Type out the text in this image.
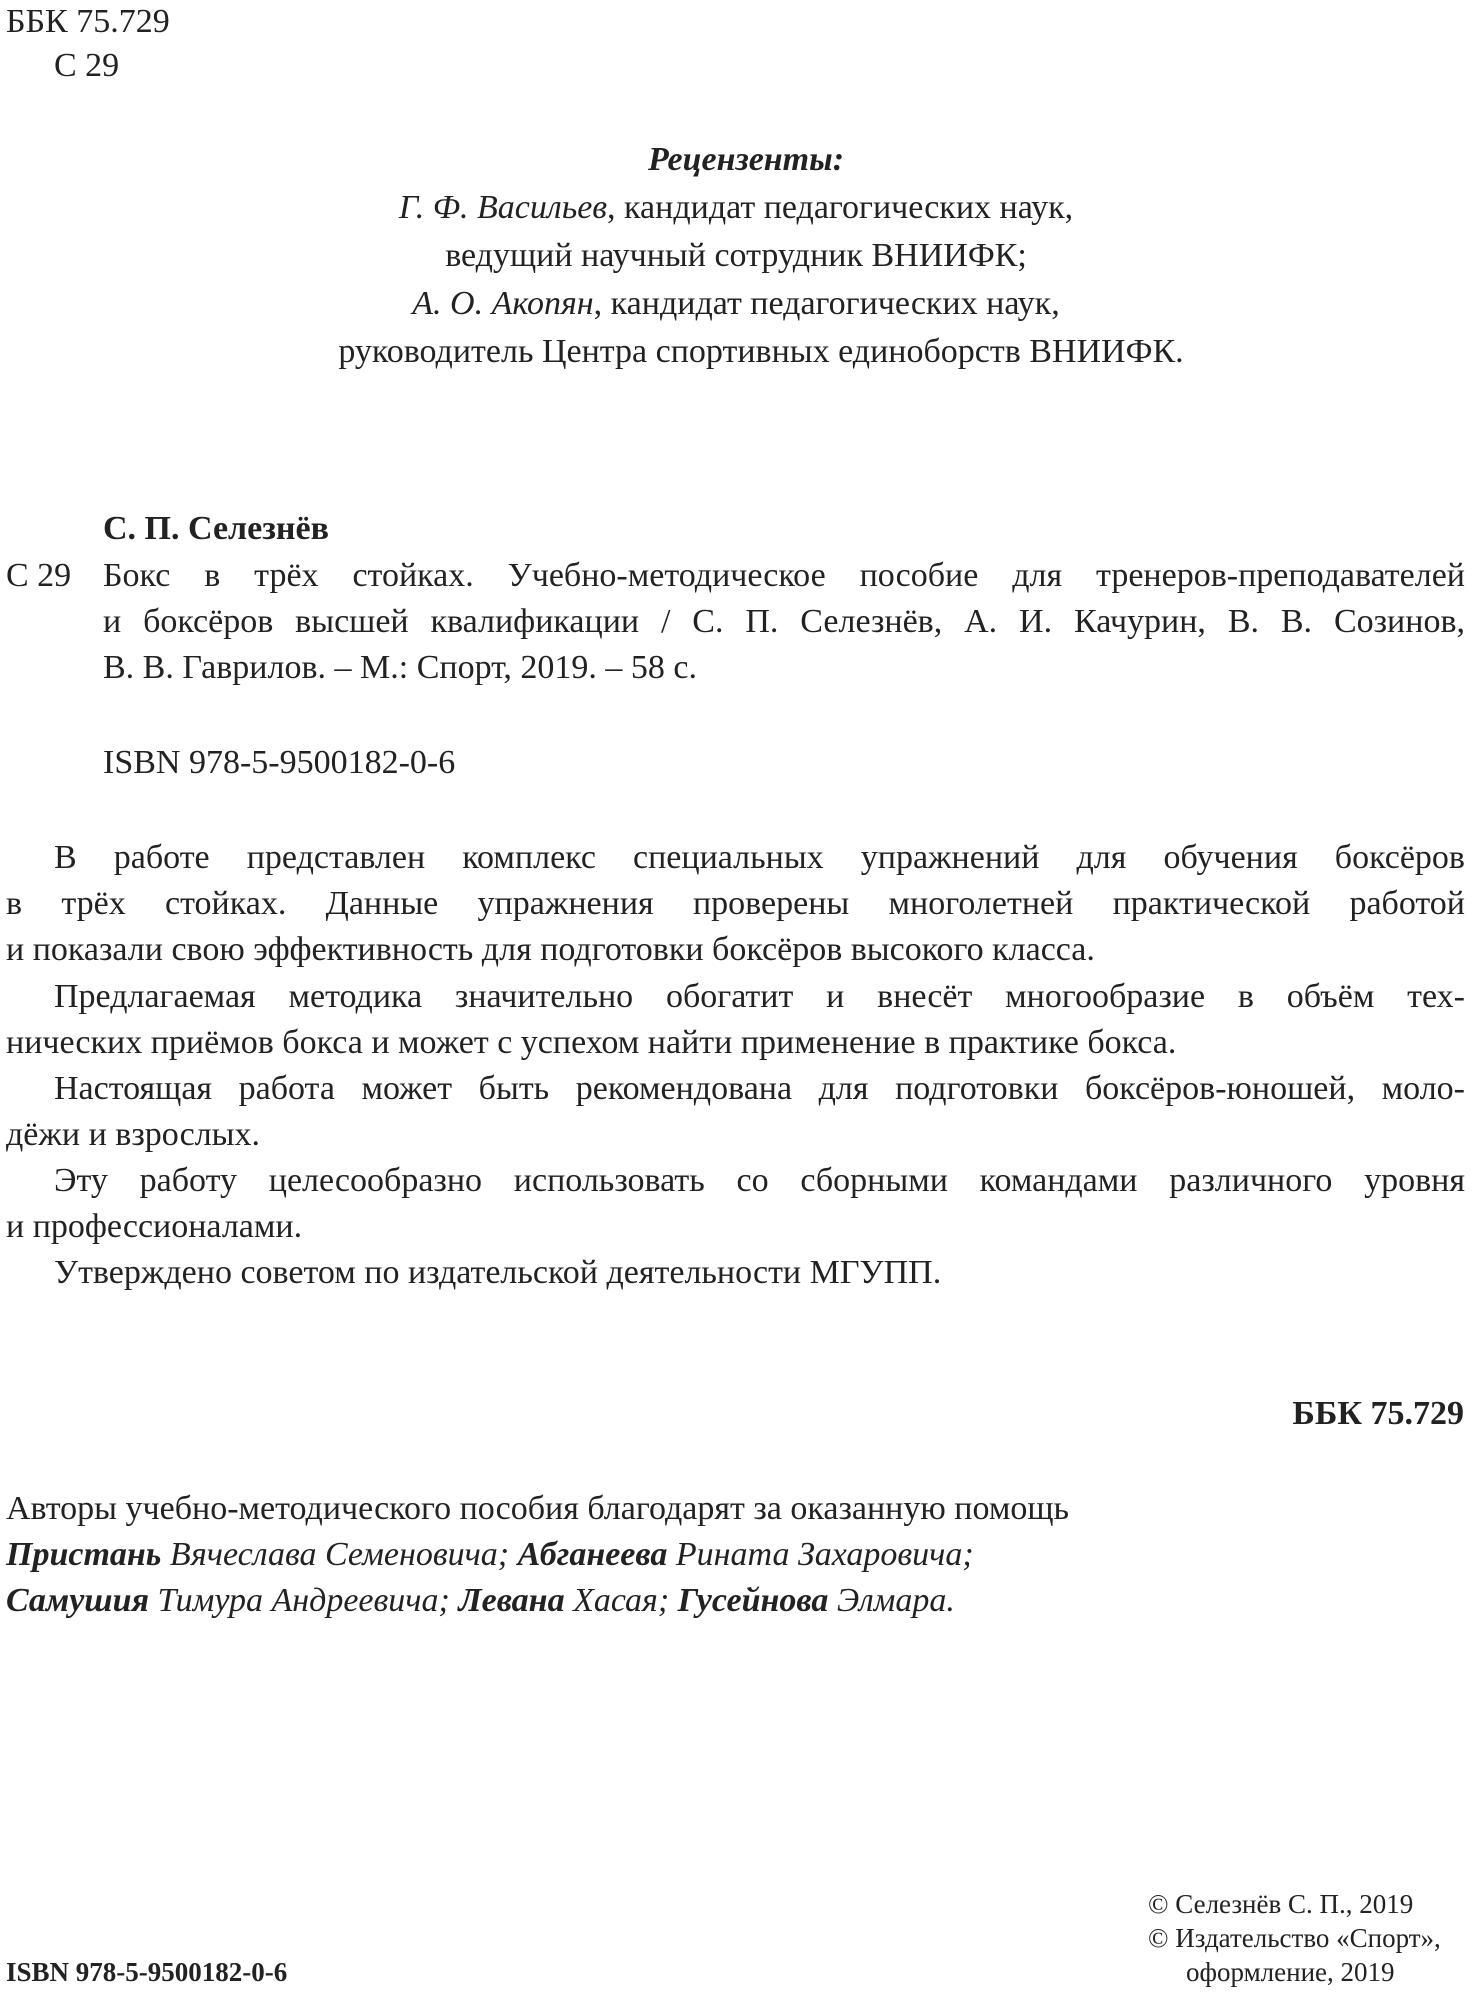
ББК 75.729
С 29
Рецензенты:
Г. Ф. Васильев, кандидат педагогических наук,
ведущий научный сотрудник ВНИИФК;
А. О. Акопян, кандидат педагогических наук,
руководитель Центра спортивных единоборств ВНИИФК.
С. П. Селезнёв
С 29 Бокс в трёх стойках. Учебно-методическое пособие для тренеров-преподавателей
и боксёров высшей квалификации / С. П. Селезнёв, А. И. Качурин, В. В. Созинов,
В. В. Гаврилов. – М.: Спорт, 2019. – 58 с.
ISBN 978-5-9500182-0-6
В работе представлен комплекс специальных упражнений для обучения боксёров
в трёх стойках. Данные упражнения проверены многолетней практической работой
и показали свою эффективность для подготовки боксёров высокого класса.
Предлагаемая методика значительно обогатит и внесёт многообразие в объём тех-
нических приёмов бокса и может с успехом найти применение в практике бокса.
Настоящая работа может быть рекомендована для подготовки боксёров-юношей, моло-
дёжи и взрослых.
Эту работу целесообразно использовать со сборными командами различного уровня
и профессионалами.
Утверждено советом по издательской деятельности МГУПП.
ББК 75.729
Авторы учебно-методического пособия благодарят за оказанную помощь
Пристань Вячеслава Семеновича; Абганеева Рината Захаровича;
Самушия Тимура Андреевича; Левана Хасая; Гусейнова Элмара.
© Селезнёв С. П., 2019
© Издательство «Спорт»,
ISBN 978-5-9500182-0-6	оформление, 2019
